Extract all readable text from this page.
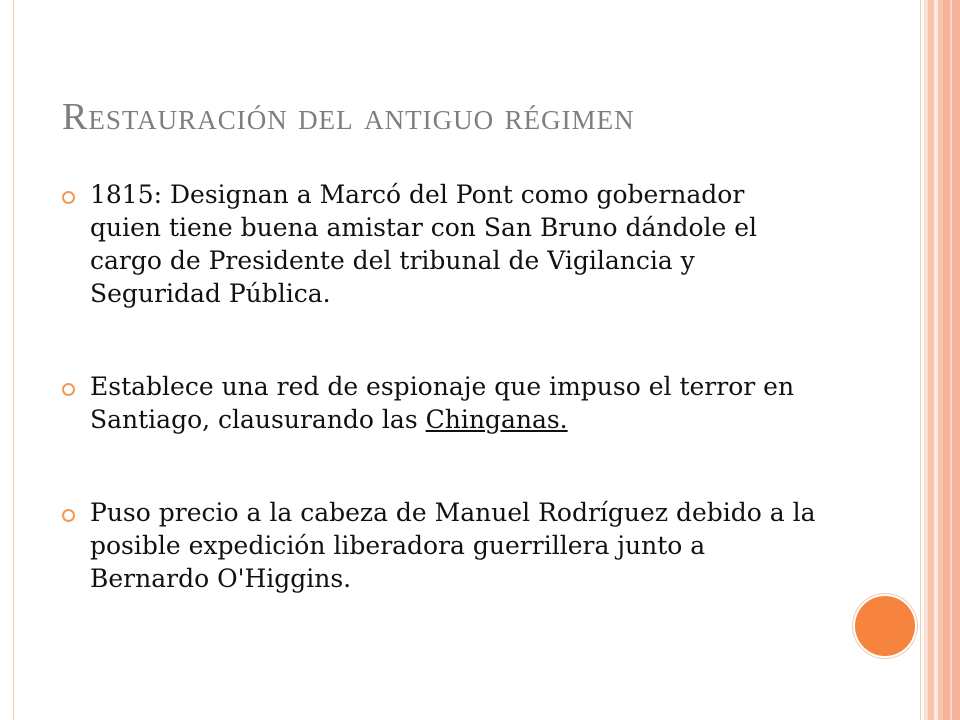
Restauración del antiguo régimen
1815: Designan a Marcó del Pont como gobernador quien tiene buena amistar con San Bruno dándole el cargo de Presidente del tribunal de Vigilancia y Seguridad Pública.
Establece una red de espionaje que impuso el terror en Santiago, clausurando las Chinganas.
Puso precio a la cabeza de Manuel Rodríguez debido a la posible expedición liberadora guerrillera junto a Bernardo O'Higgins.
